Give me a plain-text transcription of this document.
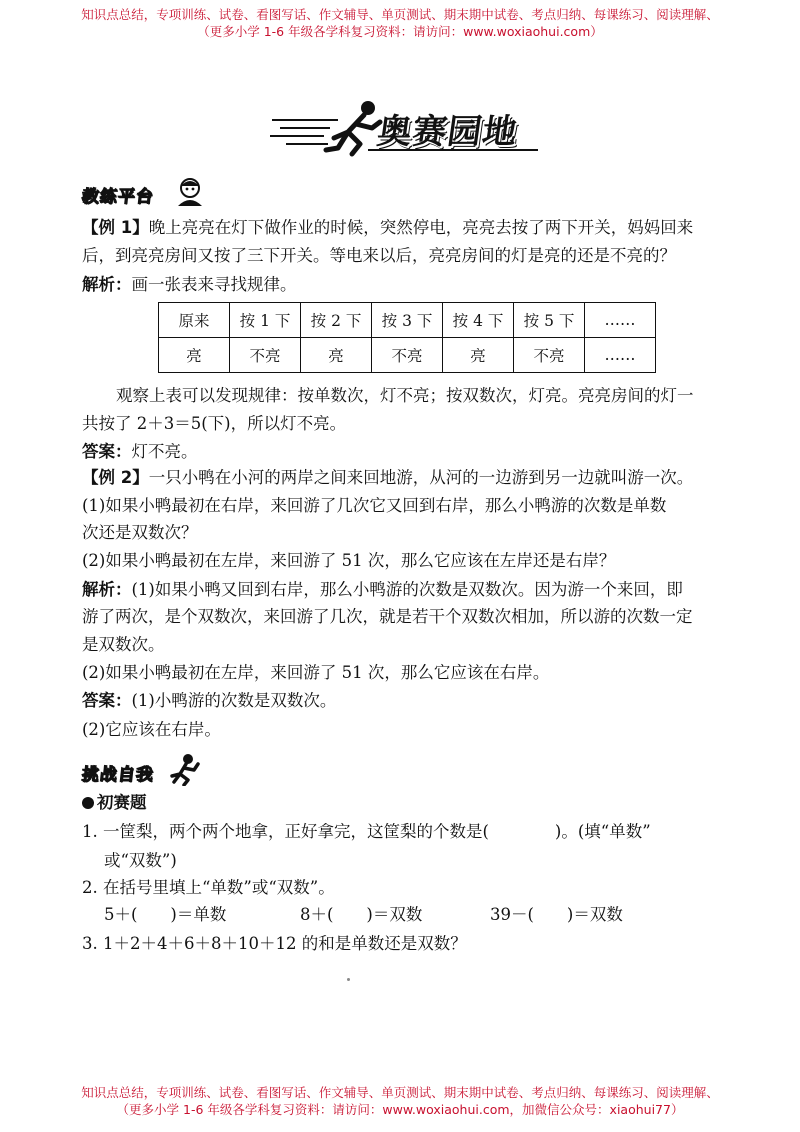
知识点总结，专项训练、试卷、看图写话、作文辅导、单页测试、期末期中试卷、考点归纳、每课练习、阅读理解、
（更多小学 1-6 年级各学科复习资料：请访问：www.woxiaohui.com）
奥赛园地
教练平台
【例 1】晚上亮亮在灯下做作业的时候，突然停电，亮亮去按了两下开关，妈妈回来
后，到亮亮房间又按了三下开关。等电来以后，亮亮房间的灯是亮的还是不亮的？
解析：画一张表来寻找规律。
原来	按 1 下	按 2 下	按 3 下	按 4 下	按 5 下	……
亮	不亮	亮	不亮	亮	不亮	……
观察上表可以发现规律：按单数次，灯不亮；按双数次，灯亮。亮亮房间的灯一
共按了 2＋3＝5(下)，所以灯不亮。
答案：灯不亮。
【例 2】一只小鸭在小河的两岸之间来回地游，从河的一边游到另一边就叫游一次。
(1)如果小鸭最初在右岸，来回游了几次它又回到右岸，那么小鸭游的次数是单数
次还是双数次？
(2)如果小鸭最初在左岸，来回游了 51 次，那么它应该在左岸还是右岸？
解析：(1)如果小鸭又回到右岸，那么小鸭游的次数是双数次。因为游一个来回，即
游了两次，是个双数次，来回游了几次，就是若干个双数次相加，所以游的次数一定
是双数次。
(2)如果小鸭最初在左岸，来回游了 51 次，那么它应该在右岸。
答案：(1)小鸭游的次数是双数次。
(2)它应该在右岸。
挑战自我
初赛题
1. 一筐梨，两个两个地拿，正好拿完，这筐梨的个数是(　　　　)。(填“单数”
或“双数”)
2. 在括号里填上“单数”或“双数”。
5＋(　　)＝单数	8＋(　　)＝双数	39－(　　)＝双数
3. 1＋2＋4＋6＋8＋10＋12 的和是单数还是双数？
知识点总结，专项训练、试卷、看图写话、作文辅导、单页测试、期末期中试卷、考点归纳、每课练习、阅读理解、
（更多小学 1-6 年级各学科复习资料：请访问：www.woxiaohui.com，加微信公众号：xiaohui77）
